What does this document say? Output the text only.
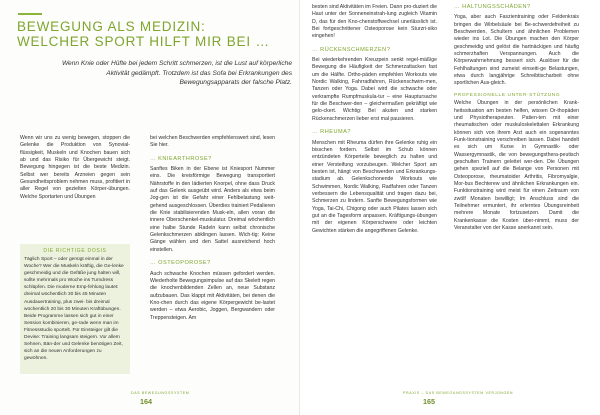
BEWEGUNG ALS MEDIZIN:
WELCHER SPORT HILFT MIR BEI …

Wenn Knie oder Hüfte bei jedem Schritt schmerzen, ist die Lust auf körperliche Aktivität gedämpft. Trotzdem ist das Sofa bei Erkrankungen des Bewegungsapparats der falsche Platz.

Wenn wir uns zu wenig bewegen, stoppen die Gelenke die Produktion von Synovial-flüssigkeit, Muskeln und Knochen bauen sich ab und das Risiko für Übergewicht steigt. Bewegung hingegen ist die beste Medizin. Selbst wer bereits Arzneien gegen sein Gesundheitsproblem nehmen muss, profitiert in aller Regel von gezielten Körper-übungen. Welche Sportarten und Übungen

DIE RICHTIGE DOSIS
Täglich Sport – oder genügt einmal in der Woche? Wer die Muskeln kräftig, die Ge-lenke geschmeidig und die Gefäße jung halten will, sollte mehrmals pro Woche ins Turndress schlüpfen. Die moderne Emp-fehlung lautet: dreimal wöchentlich 30 bis 45 Minuten Ausdauertraining, plus zwei- bis dreimal wöchentlich 20 bis 30 Minuten Kraftübungen. Beide Programme lassen sich gut in einer Session kombinieren, ge-rade wenn man im Fitnessstudio sportelt. Für Einsteiger gilt die Devise: Training langsam steigern. Vor allem Sehnen, Bän-der und Gelenke benötigen Zeit, sich an die neuen Anforderungen zu gewöhnen.

bei welchen Beschwerden empfehlenswert sind, lesen Sie hier.

… KNIEARTHROSE?

Sanftes Biken in der Ebene ist Kniesport Nummer eins. Die kreisförmige Bewegung transportiert Nährstoffe in den lädierten Knorpel, ohne dass Druck auf das Gelenk ausgeübt wird. Anders als etwa beim Jog-gen ist die Gefahr einer Fehlbelastung weit-gehend ausgeschlossen. Überdies trainiert Pedalieren die Knie stabilisierenden Musk-eln, allen voran die innere Oberschenkel-muskulatur. Dreimal wöchentlich eine halbe Stunde Radeln kann selbst chronische Gelenkschmerzen abklingen lassen. Wich-tig: Keine Gänge wählen und den Sattel ausreichend hoch einstellen.

… OSTEOPOROSE?

Auch schwache Knochen müssen gefordert werden. Wiederholte Bewegungsimpulse auf das Skelett regen die knochenbildenden Zellen an, neue Substanz aufzubauen. Das klappt mit Aktivitäten, bei denen die Kno-chen durch das eigene Körpergewicht be-lastet werden – etwa Aerobic, Joggen, Bergwandern oder Treppensteigen. Am

DAS BEWEGUNGSSYSTEM
164

besten sind Aktivitäten im Freien. Dann pro-duziert die Haut unter der Sonneneinstrah-lung zugleich Vitamin D, das für den Kno-chenstoffwechsel unerlässlich ist. Bei fortgeschrittener Osteoporose kein Sturzri-siko eingehen!

… RÜCKENSCHMERZEN?

Bei wiederkehrenden Kreuzpein senkt regel-mäßige Bewegung die Häufigkeit der Schmerzattacken fast um die Hälfte. Ortho-päden empfehlen Workouts wie Nordic Walking, Fahrradfahren, Rückenschwim-men, Tanzen oder Yoga. Dabei wird die schwache oder verkrampfte Rumpfmuskula-tur – eine Hauptursache für die Beschwer-den – gleichermaßen gekräftigt wie gelo-ckert. Wichtig: Bei akuten und starken Rückenschmerzen lieber erst mal pausieren.

… RHEUMA?

Menschen mit Rheuma dürfen ihre Gelenke ruhig ein bisschen fordern. Selbst im Schub können entzündeten Körperteile beweglich zu halten und einer Versteifung vorzubeugen. Welcher Sport am besten ist, hängt von Beschwerden und Erkrankungs-stadium ab. Gelenkschonende Workouts wie Schwimmen, Nordic Walking, Radfahren oder Tanzen verbessern die Lebensqualität und tragen dazu bei, Schmerzen zu lindern. Sanfte Bewegungsformen wie Yoga, Tai-Chi, Chigong oder auch Pilates lassen sich gut an die Tagesform anpassen. Kräftigungs-übungen mit der eigenen Körperschwere oder leichten Gewichten stärken die angegriffenen Gelenke.

… HALTUNGSSCHÄDEN?

Yoga, aber auch Faszientraining oder Feldenkrais bringen die Wirbelsäule bei Be-schwerdefreiheit zu Beschwerden, Schultern und ähnlichen Problemen wieder ins Lot. Die Übungen machen den Körper geschmeidig und gelöst die hartnäckigen und häufig schmerzhaften Verspannungen. Auch die Körperwahrnehmung bessert sich. Auslöser für die Fehlhaltungen sind zumeist einseiti-ge Belastungen, etwa durch langjährige Schreibtischarbeit ohne sportlichen Aus-gleich.

PROFESSIONELLE UNTER-STÜTZUNG

Welche Übungen in der persönlichen Krank-heitssituation am besten helfen, wissen Or-thopäden und Physiotherapeuten. Patien-ten mit einer rheumatischen oder muskuloskelettalen Erkrankung können sich von ihrem Arzt auch ein sogenanntes Funk-tionstraining verschreiben lassen. Dabei handelt es sich um Kurse in Gymnastik- oder Wassergymnastik, die von bewegungsthera-peutisch geschulten Trainern geleitet wer-den. Die Übungen gehen speziell auf die Belange von Personen mit Osteoporose, rheumatoider Arthritis, Fibromyalgie, Mor-bus Bechterew und ähnlichen Erkrankungen ein. Funktionstraining wird meist für einen Zeitraum von zwölf Monaten bewilligt; Im Anschluss sind die Teilnehmer ermuntert, ihr erlerntes Übungsreinheit mehrere Monate fortzusetzen. Damit die Krankenkasse die Kosten über-nimmt, muss der Veranstalter von der Kasse anerkannt sein.

PRAXIS – DAS BEWEGUNGSSYSTEM VERJÜNGEN
165
